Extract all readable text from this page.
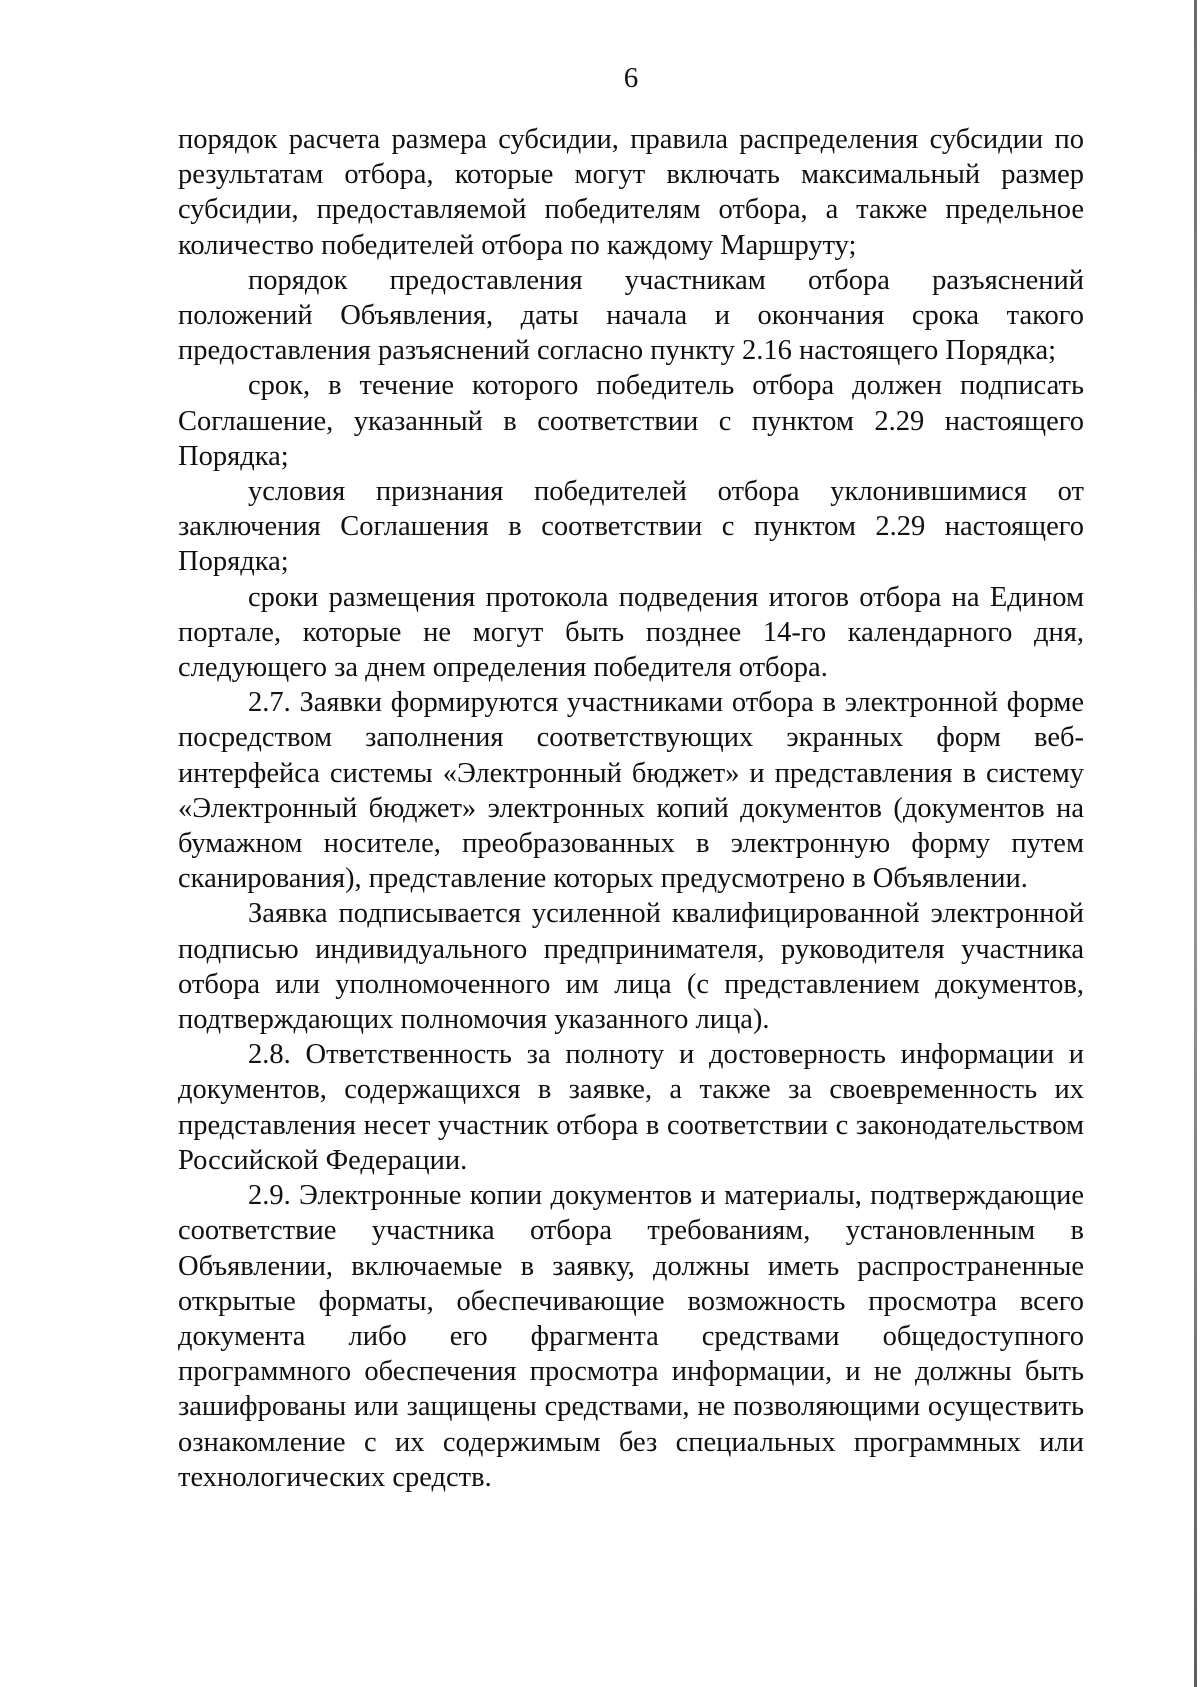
6

порядок расчета размера субсидии, правила распределения субсидии по результатам отбора, которые могут включать максимальный размер субсидии, предоставляемой победителям отбора, а также предельное количество победителей отбора по каждому Маршруту;

порядок предоставления участникам отбора разъяснений положений Объявления, даты начала и окончания срока такого предоставления разъяснений согласно пункту 2.16 настоящего Порядка;

срок, в течение которого победитель отбора должен подписать Соглашение, указанный в соответствии с пунктом 2.29 настоящего Порядка;

условия признания победителей отбора уклонившимися от заключения Соглашения в соответствии с пунктом 2.29 настоящего Порядка;

сроки размещения протокола подведения итогов отбора на Едином портале, которые не могут быть позднее 14-го календарного дня, следующего за днем определения победителя отбора.

2.7. Заявки формируются участниками отбора в электронной форме посредством заполнения соответствующих экранных форм веб-интерфейса системы «Электронный бюджет» и представления в систему «Электронный бюджет» электронных копий документов (документов на бумажном носителе, преобразованных в электронную форму путем сканирования), представление которых предусмотрено в Объявлении.

Заявка подписывается усиленной квалифицированной электронной подписью индивидуального предпринимателя, руководителя участника отбора или уполномоченного им лица (с представлением документов, подтверждающих полномочия указанного лица).

2.8. Ответственность за полноту и достоверность информации и документов, содержащихся в заявке, а также за своевременность их представления несет участник отбора в соответствии с законодательством Российской Федерации.

2.9. Электронные копии документов и материалы, подтверждающие соответствие участника отбора требованиям, установленным в Объявлении, включаемые в заявку, должны иметь распространенные открытые форматы, обеспечивающие возможность просмотра всего документа либо его фрагмента средствами общедоступного программного обеспечения просмотра информации, и не должны быть зашифрованы или защищены средствами, не позволяющими осуществить ознакомление с их содержимым без специальных программных или технологических средств.
